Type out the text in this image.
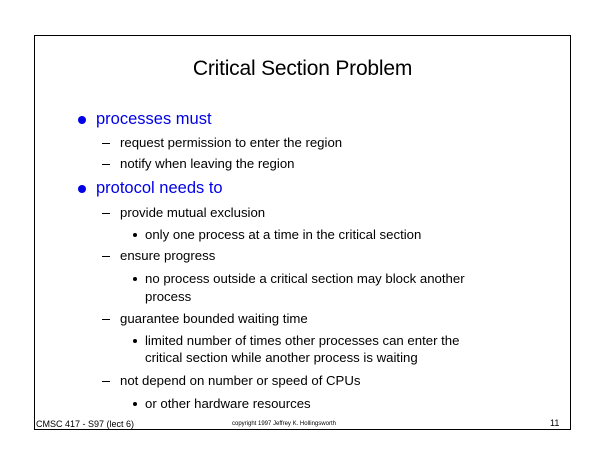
Critical Section Problem
processes must
request permission to enter the region
notify when leaving the region
protocol needs to
provide mutual exclusion
only one process at a time in the critical section
ensure progress
no process outside a critical section may block another
process
guarantee bounded waiting time
limited number of times other processes can enter the
critical section while another process is waiting
not depend on number or speed of CPUs
or other hardware resources
CMSC 417 - S97 (lect 6)	copyright 1997 Jeffrey K. Hollingsworth	11
